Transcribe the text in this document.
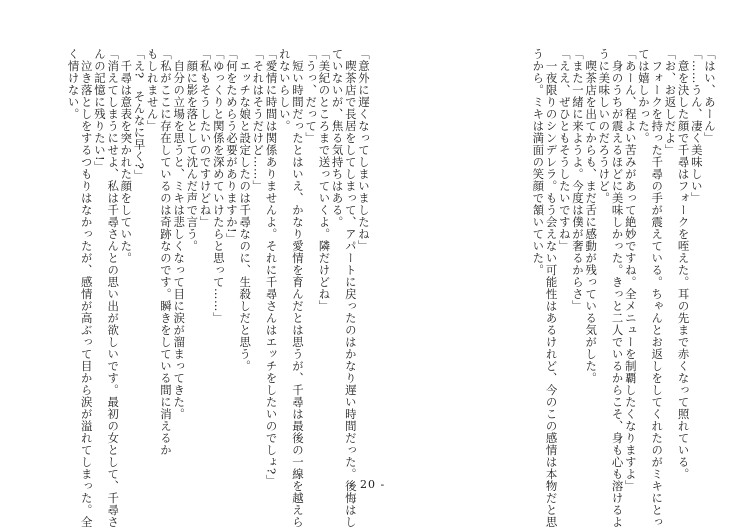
「はい、あーん」
「……うん、凄く美味しい」
　意を決した顔で千尋はフォークを咥えた。耳の先まで赤くなって照れている。
「お、お返しだよ」
　フォークを持った千尋の手が震えている。ちゃんとお返しをしてくれたのがミキにとっ
ては嬉しかった。
「あーん、程よい苦みがあって絶妙ですね。全メニューを制覇したくなりますよ」
　身のうちが震えるほどに美味しかった。きっと二人でいるからこそ、身も心も溶けるよ
うに美味しいのだろうけど。
　喫茶店を出てからも、まだ舌に感動が残っている気がした。
「また一緒に来ようよ。今度は僕が奢るからさ」
「ええ、ぜひともそうしたいですね」
　一夜限りのシンデレラ。もう会えない可能性はあるけれど、今のこの感情は本物だと思
うから。ミキは満面の笑顔で頷いていた。
「意外に遅くなってしまいましたね」
　喫茶店で長居をしてしまって、アパートに戻ったのはかなり遅い時間だった。後悔はし
ていないが、焦る気持ちはある。
「美紀のところまで送っていくよ。隣だけどね」
「うっ、だって」
　短い時間だったとはいえ、かなり愛情を育んだとは思うが、千尋は最後の一線を越えら
れないらしい。
「愛情に時間は関係ありませんよ。それに千尋さんはエッチをしたいのでしょ?」
「それはそうだけど……」
　エッチな娘と設定したのは千尋なのに、生殺しだと思う。
「何をためらう必要がありますか!」
「ゆっくりと関係を深めていけたらと思って……」
「私もそうしたいのですけどね」
　顔に影を落として沈んだ声で言う。
　自分の立場を思うと、ミキは悲しくなって目に涙が溜まってきた。
「私がここに存在しているのは奇跡なのです。瞬きをしている間に消えるか
もしれません」
「え?　そんなに早く?」
　千尋は意表を突かれた顔をしていた。
「消えてしまうにせよ、私は千尋さんとの思い出が欲しいです。最初の女として、千尋さ
んの記憶に残りたい!」
　泣き落としをするつもりはなかったが、感情が高ぶって目から涙が溢れてしまった。全
く情けない。
- 20 -
